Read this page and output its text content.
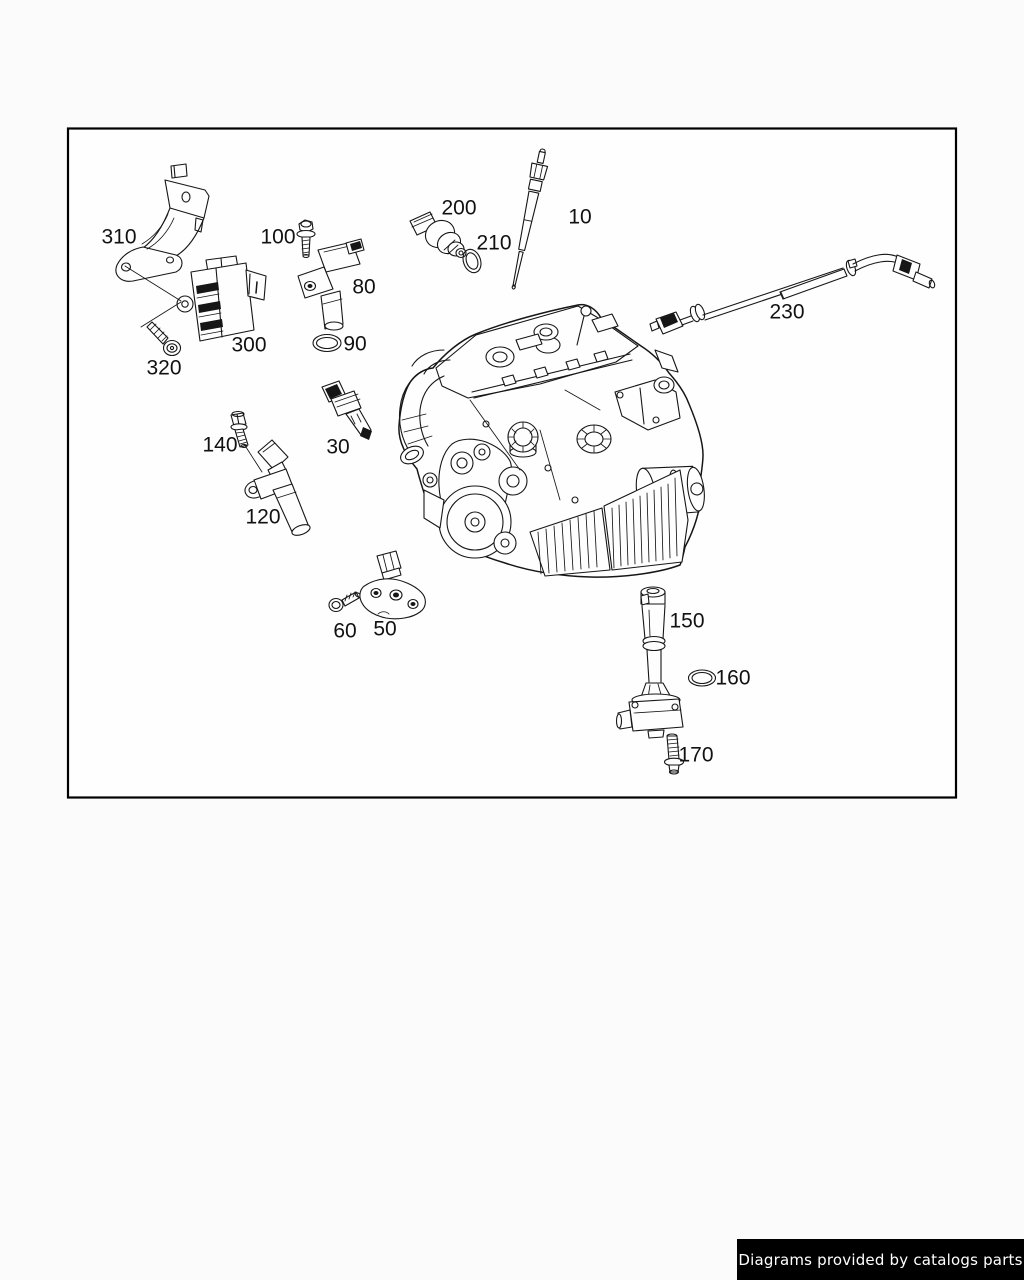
10
30
50
60
80
90
100
120
140
150
160
170
200
210
230
300
310
320
Diagrams provided by catalogs parts
